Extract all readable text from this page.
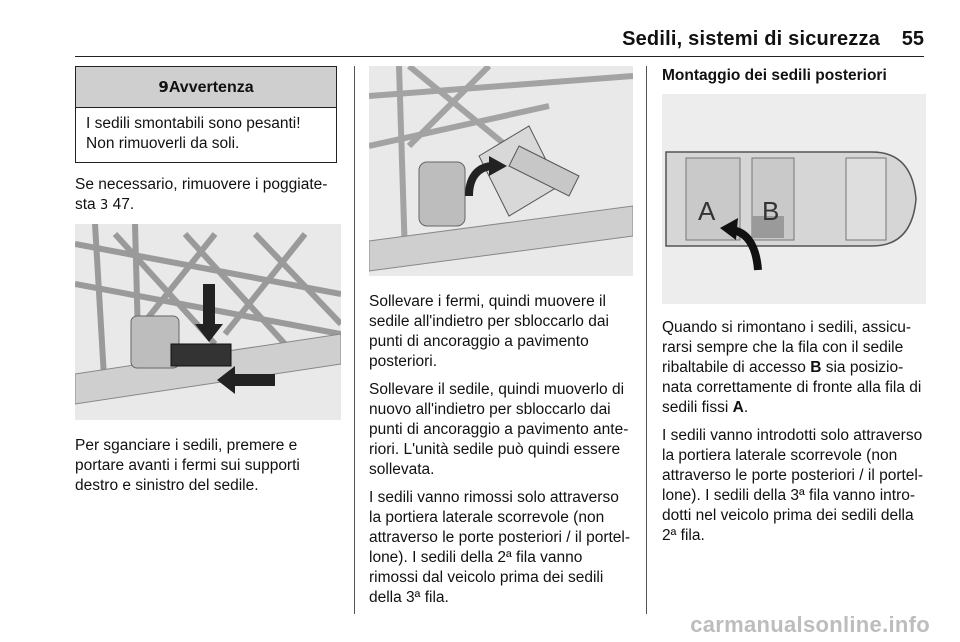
Sedili, sistemi di sicurezza 55
9Avvertenza
I sedili smontabili sono pesanti! Non rimuoverli da soli.

Se necessario, rimuovere i poggiate-sta 3 47.

Per sganciare i sedili, premere e portare avanti i fermi sui supporti destro e sinistro del sedile.

Sollevare i fermi, quindi muovere il sedile all'indietro per sbloccarlo dai punti di ancoraggio a pavimento posteriori.

Sollevare il sedile, quindi muoverlo di nuovo all'indietro per sbloccarlo dai punti di ancoraggio a pavimento ante-riori. L'unità sedile può quindi essere sollevata.

I sedili vanno rimossi solo attraverso la portiera laterale scorrevole (non attraverso le porte posteriori / il portel-lone). I sedili della 2ª fila vanno rimossi dal veicolo prima dei sedili della 3ª fila.

Montaggio dei sedili posteriori
A B

Quando si rimontano i sedili, assicu-rarsi sempre che la fila con il sedile ribaltabile di accesso B sia posizio-nata correttamente di fronte alla fila di sedili fissi A.

I sedili vanno introdotti solo attraverso la portiera laterale scorrevole (non attraverso le porte posteriori / il portel-lone). I sedili della 3ª fila vanno intro-dotti nel veicolo prima dei sedili della 2ª fila.

carmanualsonline.info
